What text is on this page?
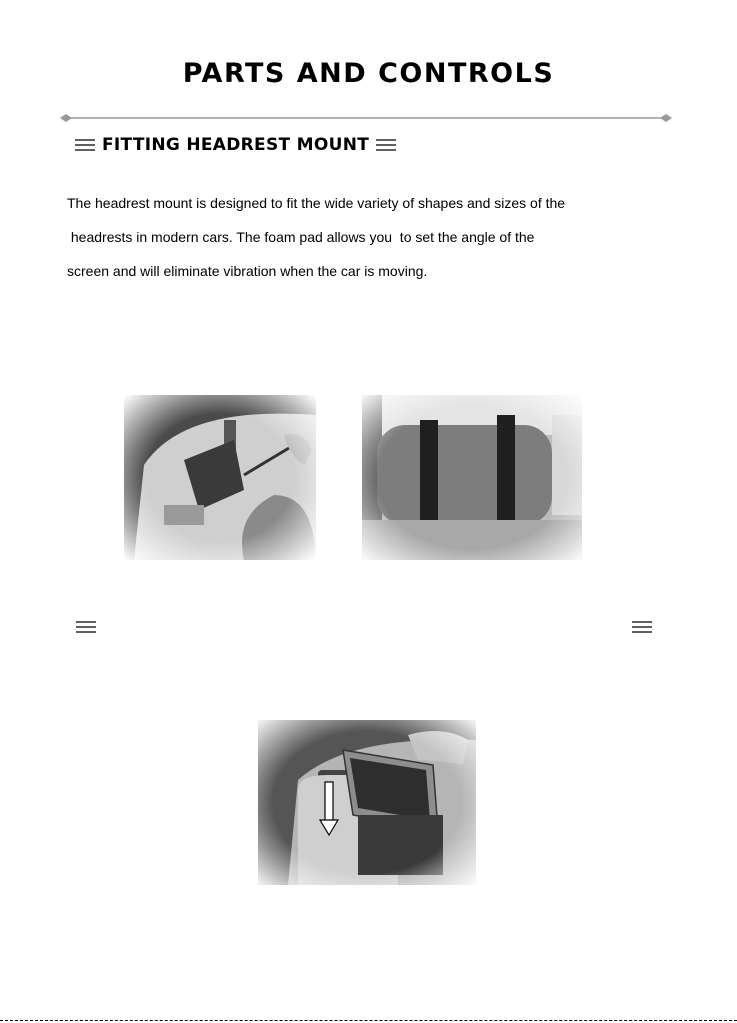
PARTS AND CONTROLS
FITTING HEADREST MOUNT

The headrest mount is designed to fit the wide variety of shapes and sizes of the

headrests in modern cars. The foam pad allows you  to set the angle of the

screen and will eliminate vibration when the car is moving.
